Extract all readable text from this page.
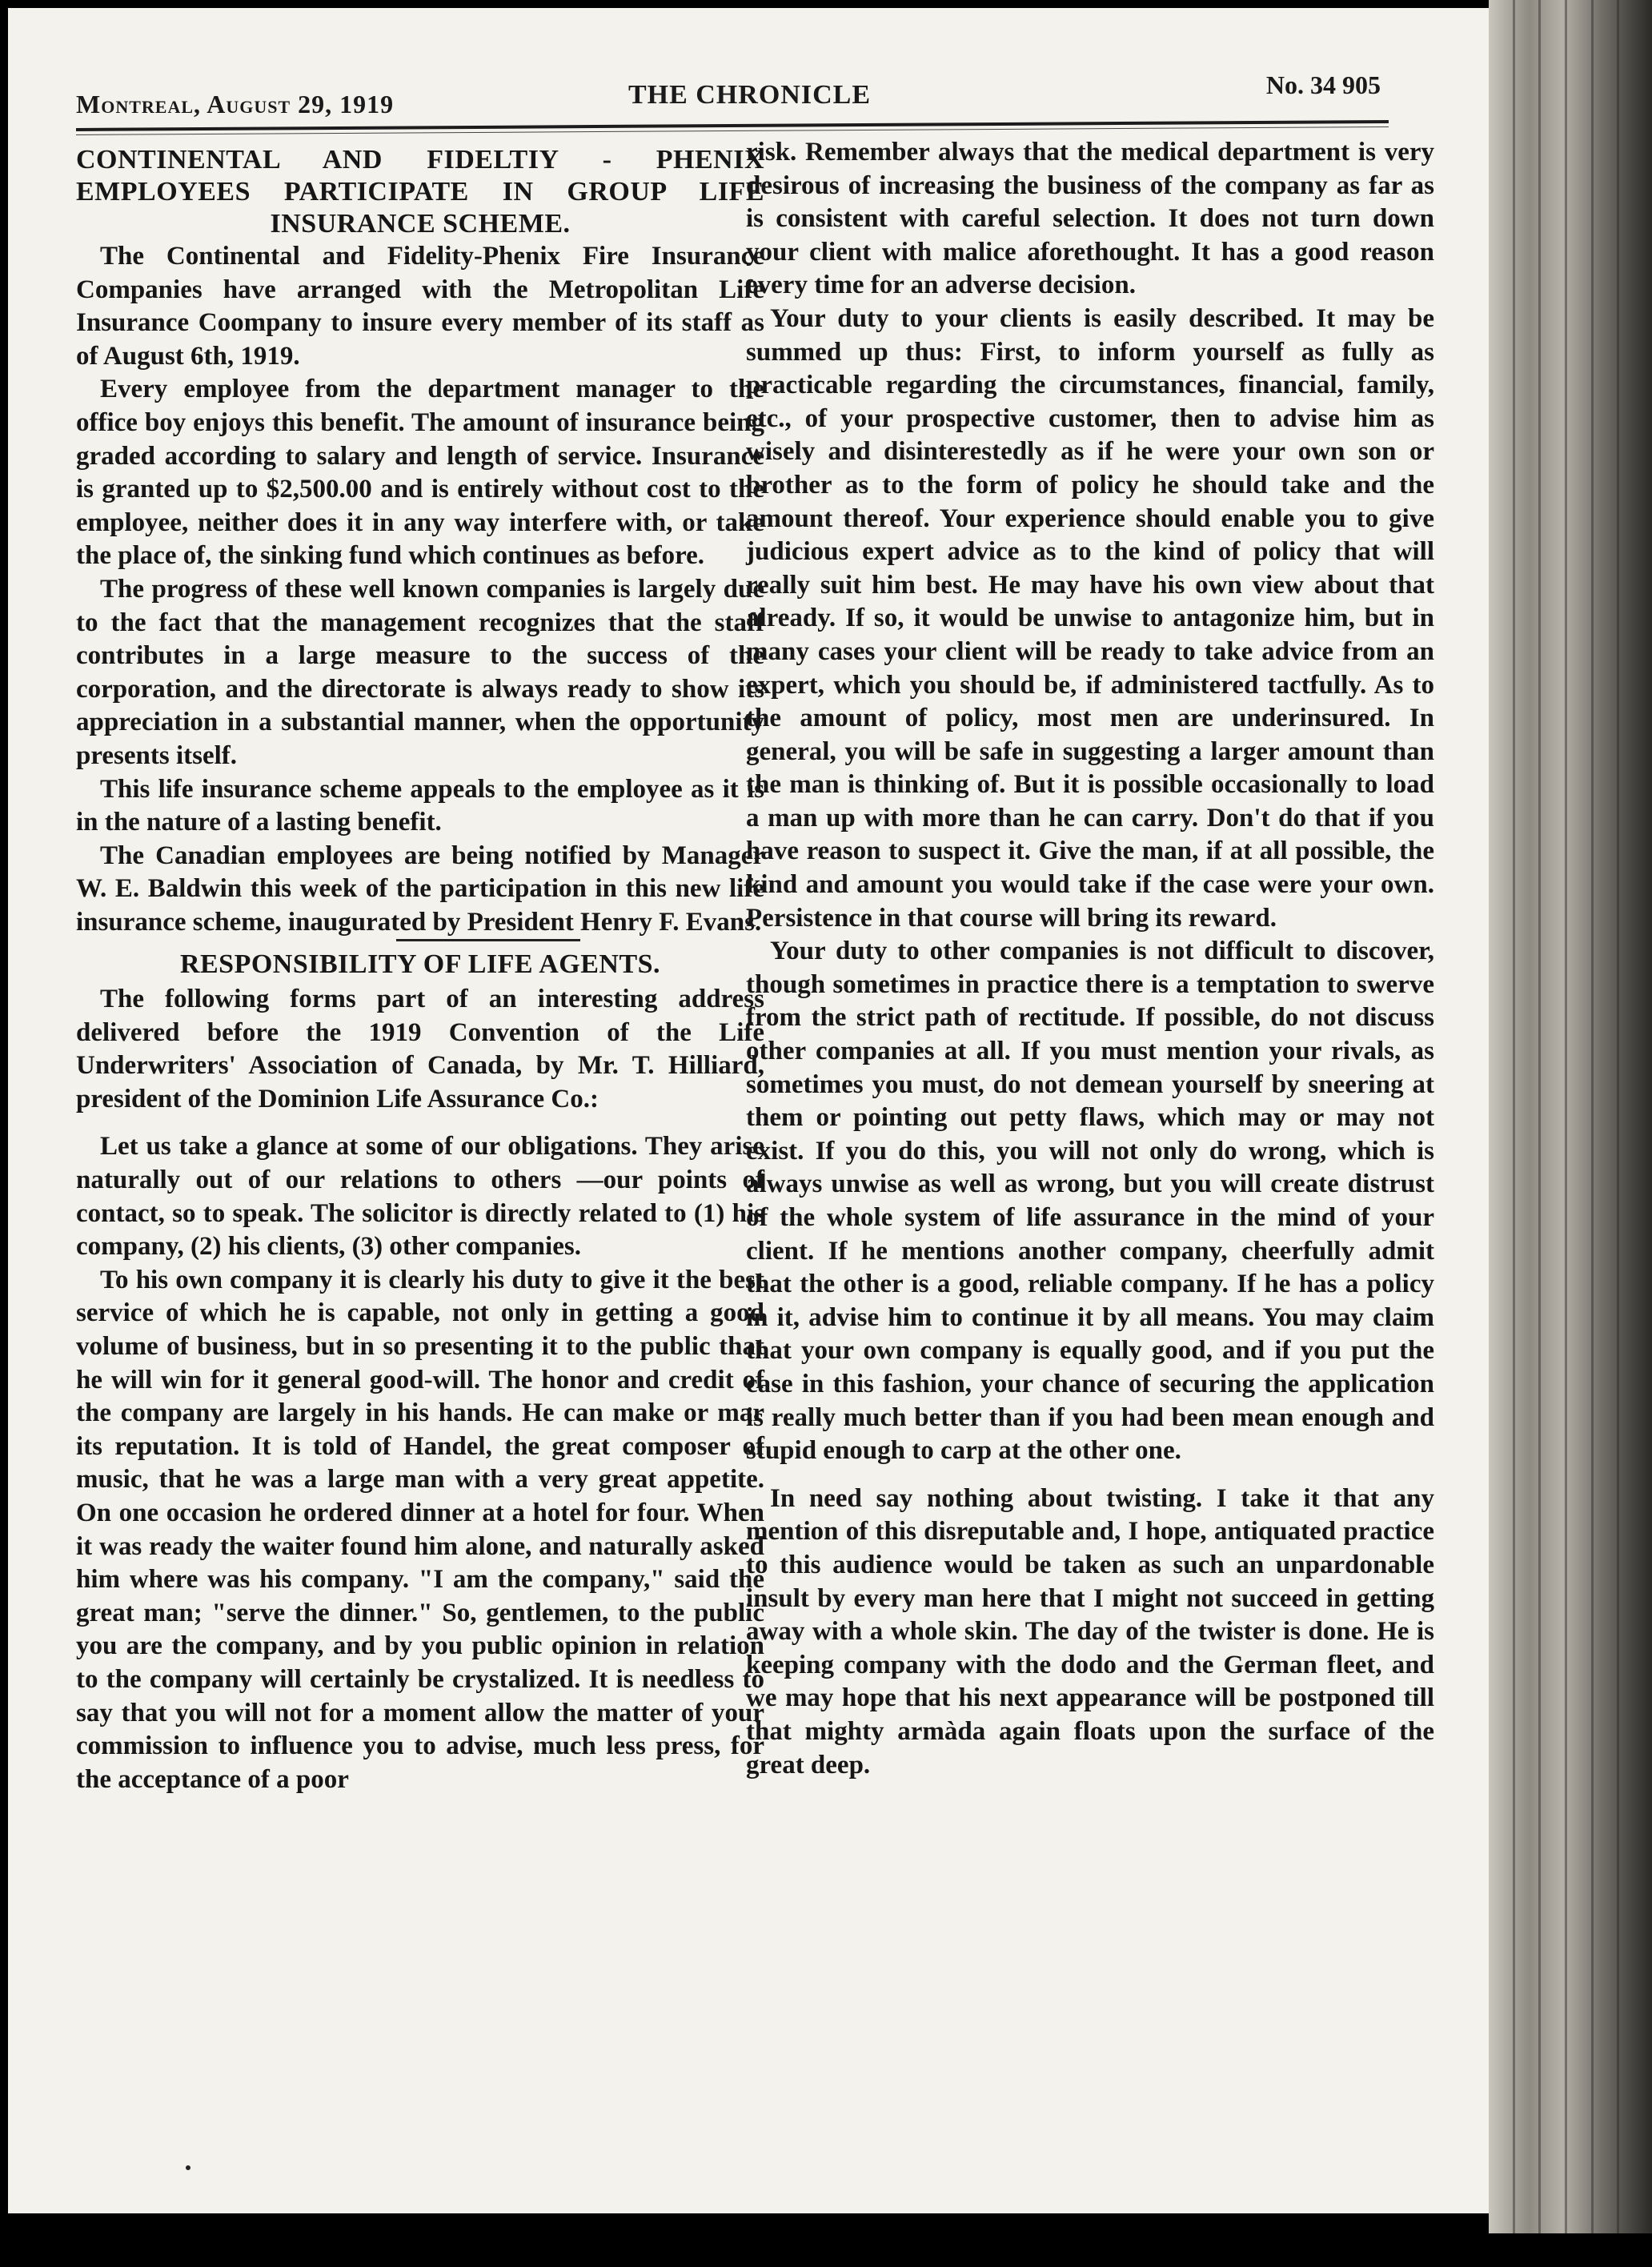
Montreal, August 29, 1919	THE CHRONICLE	No. 34 905
CONTINENTAL AND FIDELTIY - PHENIX EMPLOYEES PARTICIPATE IN GROUP LIFE INSURANCE SCHEME.

The Continental and Fidelity-Phenix Fire Insurance Companies have arranged with the Metropolitan Life Insurance Coompany to insure every member of its staff as of August 6th, 1919.

Every employee from the department manager to the office boy enjoys this benefit. The amount of insurance being graded according to salary and length of service. Insurance is granted up to $2,500.00 and is entirely without cost to the employee, neither does it in any way interfere with, or take the place of, the sinking fund which continues as before.

The progress of these well known companies is largely due to the fact that the management recognizes that the staff contributes in a large measure to the success of the corporation, and the directorate is always ready to show its appreciation in a substantial manner, when the opportunity presents itself.

This life insurance scheme appeals to the employee as it is in the nature of a lasting benefit.

The Canadian employees are being notified by Manager W. E. Baldwin this week of the participation in this new life insurance scheme, inaugurated by President Henry F. Evans.

RESPONSIBILITY OF LIFE AGENTS.

The following forms part of an interesting address delivered before the 1919 Convention of the Life Underwriters' Association of Canada, by Mr. T. Hilliard, president of the Dominion Life Assurance Co.:

Let us take a glance at some of our obligations. They arise naturally out of our relations to others —our points of contact, so to speak. The solicitor is directly related to (1) his company, (2) his clients, (3) other companies.

To his own company it is clearly his duty to give it the best service of which he is capable, not only in getting a good volume of business, but in so presenting it to the public that he will win for it general good-will. The honor and credit of the company are largely in his hands. He can make or mar its reputation. It is told of Handel, the great composer of music, that he was a large man with a very great appetite. On one occasion he ordered dinner at a hotel for four. When it was ready the waiter found him alone, and naturally asked him where was his company. "I am the company," said the great man; "serve the dinner." So, gentlemen, to the public you are the company, and by you public opinion in relation to the company will certainly be crystalized. It is needless to say that you will not for a moment allow the matter of your commission to influence you to advise, much less press, for the acceptance of a poor

risk. Remember always that the medical department is very desirous of increasing the business of the company as far as is consistent with careful selection. It does not turn down your client with malice aforethought. It has a good reason every time for an adverse decision.

Your duty to your clients is easily described. It may be summed up thus: First, to inform yourself as fully as practicable regarding the circumstances, financial, family, etc., of your prospective customer, then to advise him as wisely and disinterestedly as if he were your own son or brother as to the form of policy he should take and the amount thereof. Your experience should enable you to give judicious expert advice as to the kind of policy that will really suit him best. He may have his own view about that already. If so, it would be unwise to antagonize him, but in many cases your client will be ready to take advice from an expert, which you should be, if administered tactfully. As to the amount of policy, most men are underinsured. In general, you will be safe in suggesting a larger amount than the man is thinking of. But it is possible occasionally to load a man up with more than he can carry. Don't do that if you have reason to suspect it. Give the man, if at all possible, the kind and amount you would take if the case were your own. Persistence in that course will bring its reward.

Your duty to other companies is not difficult to discover, though sometimes in practice there is a temptation to swerve from the strict path of rectitude. If possible, do not discuss other companies at all. If you must mention your rivals, as sometimes you must, do not demean yourself by sneering at them or pointing out petty flaws, which may or may not exist. If you do this, you will not only do wrong, which is always unwise as well as wrong, but you will create distrust of the whole system of life assurance in the mind of your client. If he mentions another company, cheerfully admit that the other is a good, reliable company. If he has a policy in it, advise him to continue it by all means. You may claim that your own company is equally good, and if you put the case in this fashion, your chance of securing the application is really much better than if you had been mean enough and stupid enough to carp at the other one.

In need say nothing about twisting. I take it that any mention of this disreputable and, I hope, antiquated practice to this audience would be taken as such an unpardonable insult by every man here that I might not succeed in getting away with a whole skin. The day of the twister is done. He is keeping company with the dodo and the German fleet, and we may hope that his next appearance will be postponed till that mighty armàda again floats upon the surface of the great deep.
